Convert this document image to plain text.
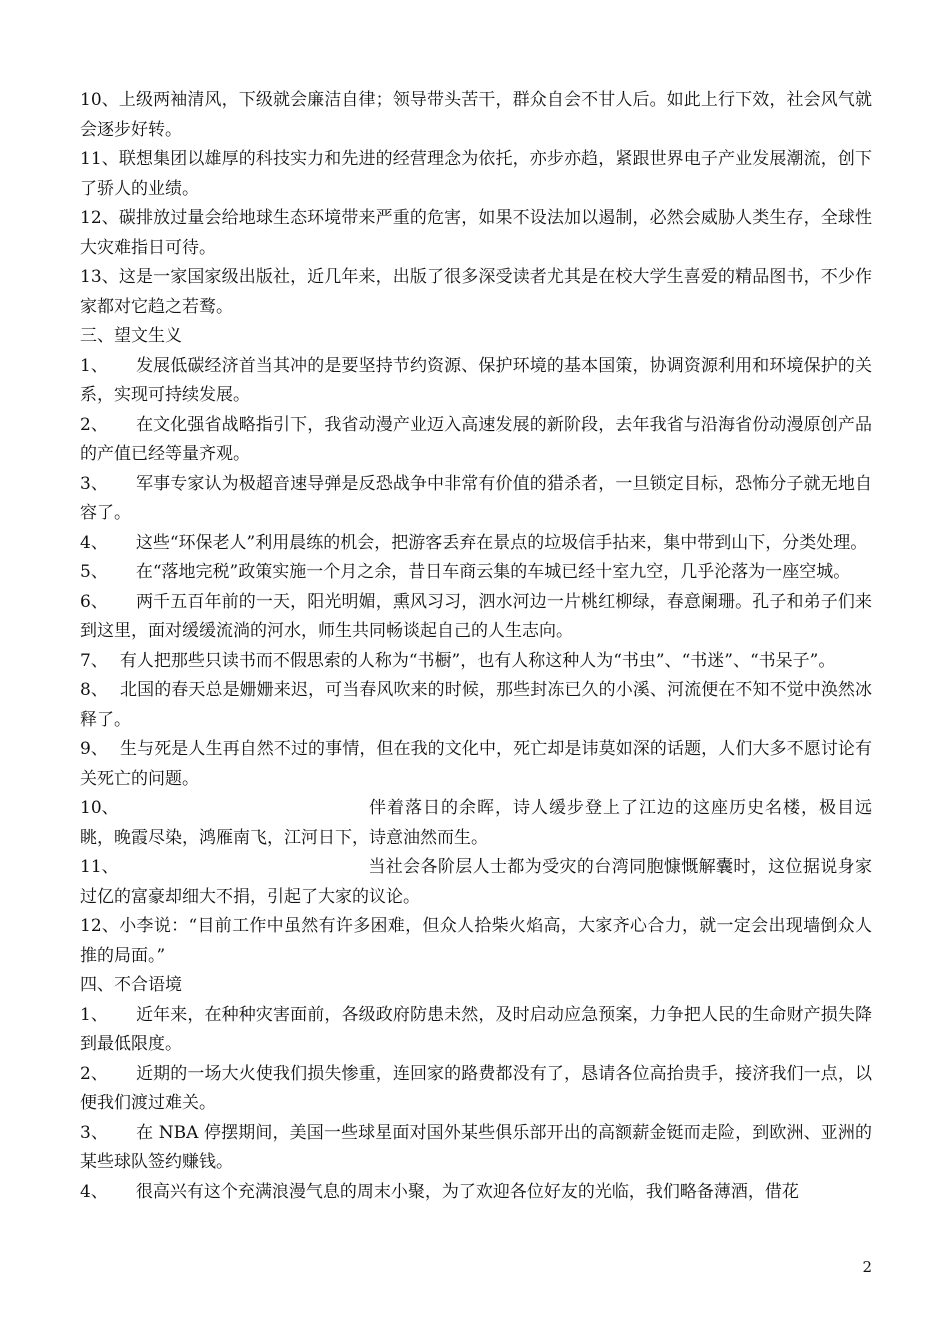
10、上级两袖清风，下级就会廉洁自律；领导带头苦干，群众自会不甘人后。如此上行下效，社会风气就会逐步好转。

11、联想集团以雄厚的科技实力和先进的经营理念为依托，亦步亦趋，紧跟世界电子产业发展潮流，创下了骄人的业绩。

12、碳排放过量会给地球生态环境带来严重的危害，如果不设法加以遏制，必然会威胁人类生存，全球性大灾难指日可待。

13、这是一家国家级出版社，近几年来，出版了很多深受读者尤其是在校大学生喜爱的精品图书，不少作家都对它趋之若鹜。

三、望文生义

1、 发展低碳经济首当其冲的是要坚持节约资源、保护环境的基本国策，协调资源利用和环境保护的关系，实现可持续发展。

2、 在文化强省战略指引下，我省动漫产业迈入高速发展的新阶段，去年我省与沿海省份动漫原创产品的产值已经等量齐观。

3、 军事专家认为极超音速导弹是反恐战争中非常有价值的猎杀者，一旦锁定目标，恐怖分子就无地自容了。

4、 这些“环保老人”利用晨练的机会，把游客丢弃在景点的垃圾信手拈来，集中带到山下，分类处理。

5、 在“落地完税”政策实施一个月之余，昔日车商云集的车城已经十室九空，几乎沦落为一座空城。

6、 两千五百年前的一天，阳光明媚，熏风习习，泗水河边一片桃红柳绿，春意阑珊。孔子和弟子们来到这里，面对缓缓流淌的河水，师生共同畅谈起自己的人生志向。

7、 有人把那些只读书而不假思索的人称为“书橱”，也有人称这种人为“书虫”、“书迷”、“书呆子”。

8、 北国的春天总是姗姗来迟，可当春风吹来的时候，那些封冻已久的小溪、河流便在不知不觉中涣然冰释了。

9、 生与死是人生再自然不过的事情，但在我的文化中，死亡却是讳莫如深的话题，人们大多不愿讨论有关死亡的问题。

10、	伴着落日的余晖，诗人缓步登上了江边的这座历史名楼，极目远眺，晚霞尽染，鸿雁南飞，江河日下，诗意油然而生。

11、	当社会各阶层人士都为受灾的台湾同胞慷慨解囊时，这位据说身家过亿的富豪却细大不捐，引起了大家的议论。

12、小李说：“目前工作中虽然有许多困难，但众人拾柴火焰高，大家齐心合力，就一定会出现墙倒众人推的局面。”

四、不合语境

1、 近年来，在种种灾害面前，各级政府防患未然，及时启动应急预案，力争把人民的生命财产损失降到最低限度。

2、 近期的一场大火使我们损失惨重，连回家的路费都没有了，恳请各位高抬贵手，接济我们一点，以便我们渡过难关。

3、 在 NBA 停摆期间，美国一些球星面对国外某些俱乐部开出的高额薪金铤而走险，到欧洲、亚洲的某些球队签约赚钱。

4、 很高兴有这个充满浪漫气息的周末小聚，为了欢迎各位好友的光临，我们略备薄酒，借花

2
